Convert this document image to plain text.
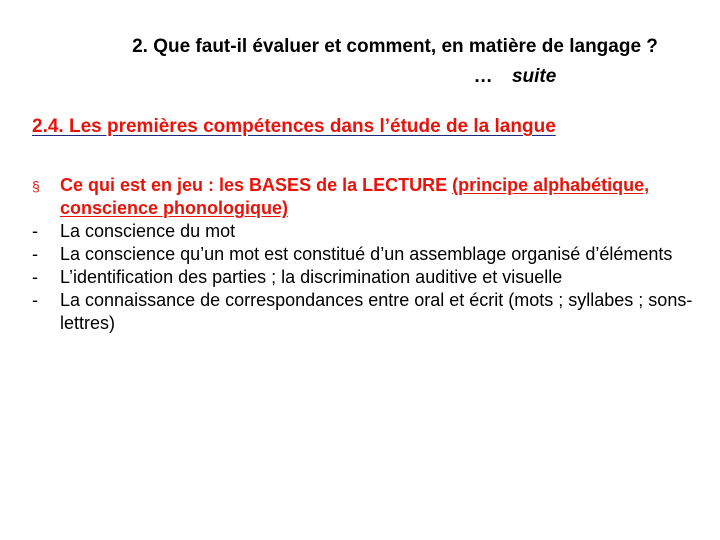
2. Que faut-il évaluer et comment, en matière de langage ?
… suite
2.4. Les premières compétences dans l’étude de la langue
§	Ce qui est en jeu : les BASES de la LECTURE (principe alphabétique, conscience phonologique)
-	La conscience du mot
-	La conscience qu’un mot est constitué d’un assemblage organisé d’éléments
-	L’identification des parties ; la discrimination auditive et visuelle
-	La connaissance de correspondances entre oral et écrit (mots ; syllabes ; sons-lettres)
